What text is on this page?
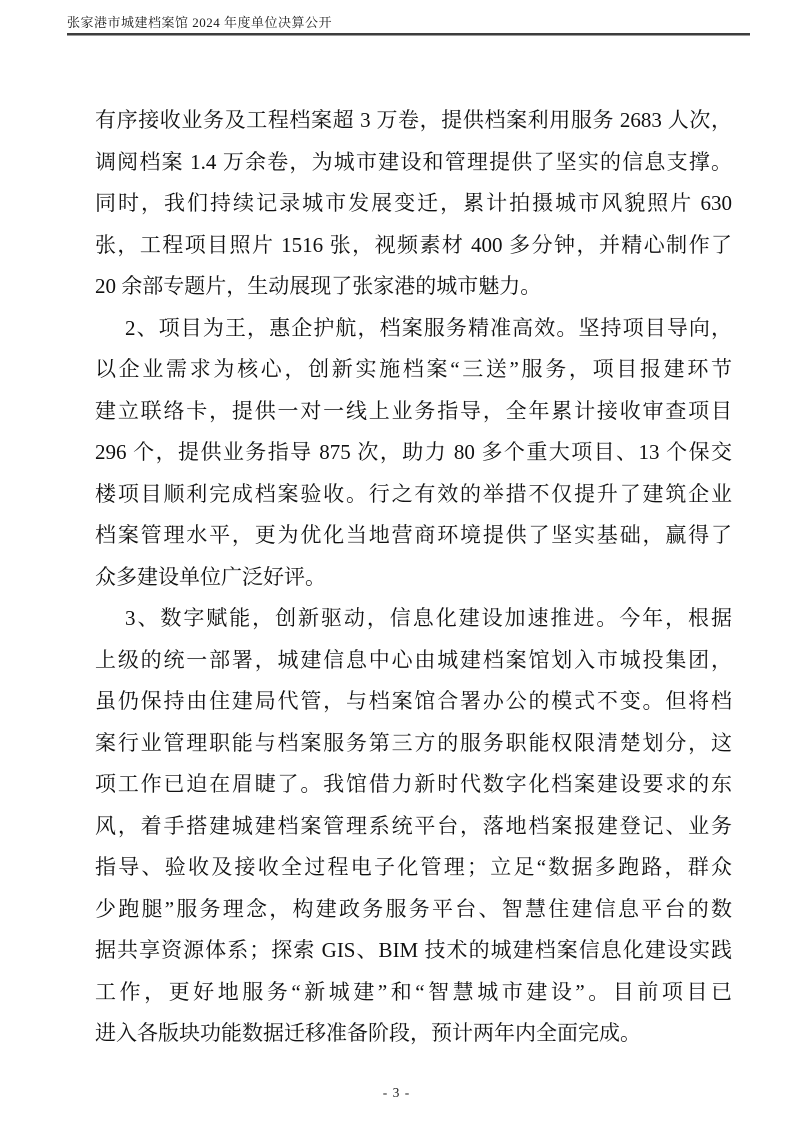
张家港市城建档案馆 2024 年度单位决算公开
有序接收业务及工程档案超 3 万卷，提供档案利用服务 2683 人次，
调阅档案 1.4 万余卷，为城市建设和管理提供了坚实的信息支撑。
同时，我们持续记录城市发展变迁，累计拍摄城市风貌照片 630
张，工程项目照片 1516 张，视频素材 400 多分钟，并精心制作了
20 余部专题片，生动展现了张家港的城市魅力。
2、项目为王，惠企护航，档案服务精准高效。坚持项目导向，
以企业需求为核心，创新实施档案“三送”服务，项目报建环节
建立联络卡，提供一对一线上业务指导，全年累计接收审查项目
296 个，提供业务指导 875 次，助力 80 多个重大项目、13 个保交
楼项目顺利完成档案验收。行之有效的举措不仅提升了建筑企业
档案管理水平，更为优化当地营商环境提供了坚实基础，赢得了
众多建设单位广泛好评。
3、数字赋能，创新驱动，信息化建设加速推进。今年，根据
上级的统一部署，城建信息中心由城建档案馆划入市城投集团，
虽仍保持由住建局代管，与档案馆合署办公的模式不变。但将档
案行业管理职能与档案服务第三方的服务职能权限清楚划分，这
项工作已迫在眉睫了。我馆借力新时代数字化档案建设要求的东
风，着手搭建城建档案管理系统平台，落地档案报建登记、业务
指导、验收及接收全过程电子化管理；立足“数据多跑路，群众
少跑腿”服务理念，构建政务服务平台、智慧住建信息平台的数
据共享资源体系；探索 GIS、BIM 技术的城建档案信息化建设实践
工作，更好地服务“新城建”和“智慧城市建设”。目前项目已
进入各版块功能数据迁移准备阶段，预计两年内全面完成。
- 3 -
